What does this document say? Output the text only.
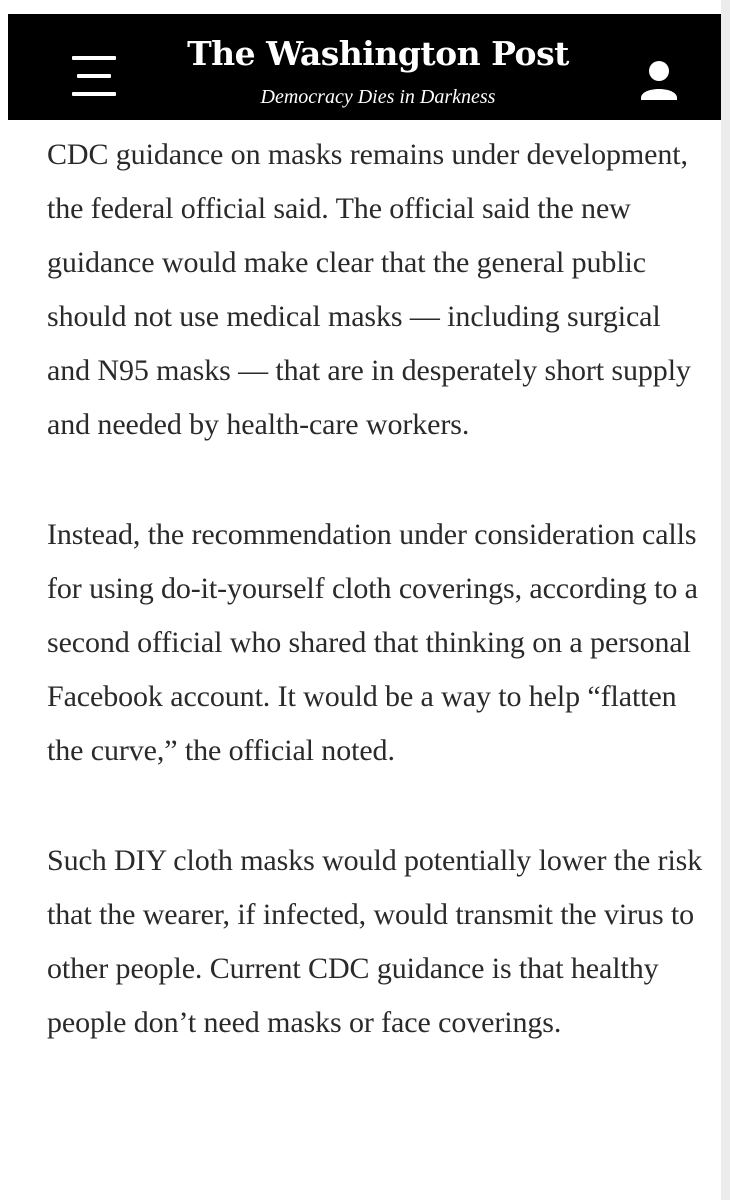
The Washington Post
Democracy Dies in Darkness

CDC guidance on masks remains under development, the federal official said. The official said the new guidance would make clear that the general public should not use medical masks — including surgical and N95 masks — that are in desperately short supply and needed by health-care workers.

Instead, the recommendation under consideration calls for using do-it-yourself cloth coverings, according to a second official who shared that thinking on a personal Facebook account. It would be a way to help “flatten the curve,” the official noted.

Such DIY cloth masks would potentially lower the risk that the wearer, if infected, would transmit the virus to other people. Current CDC guidance is that healthy people don’t need masks or face coverings.
